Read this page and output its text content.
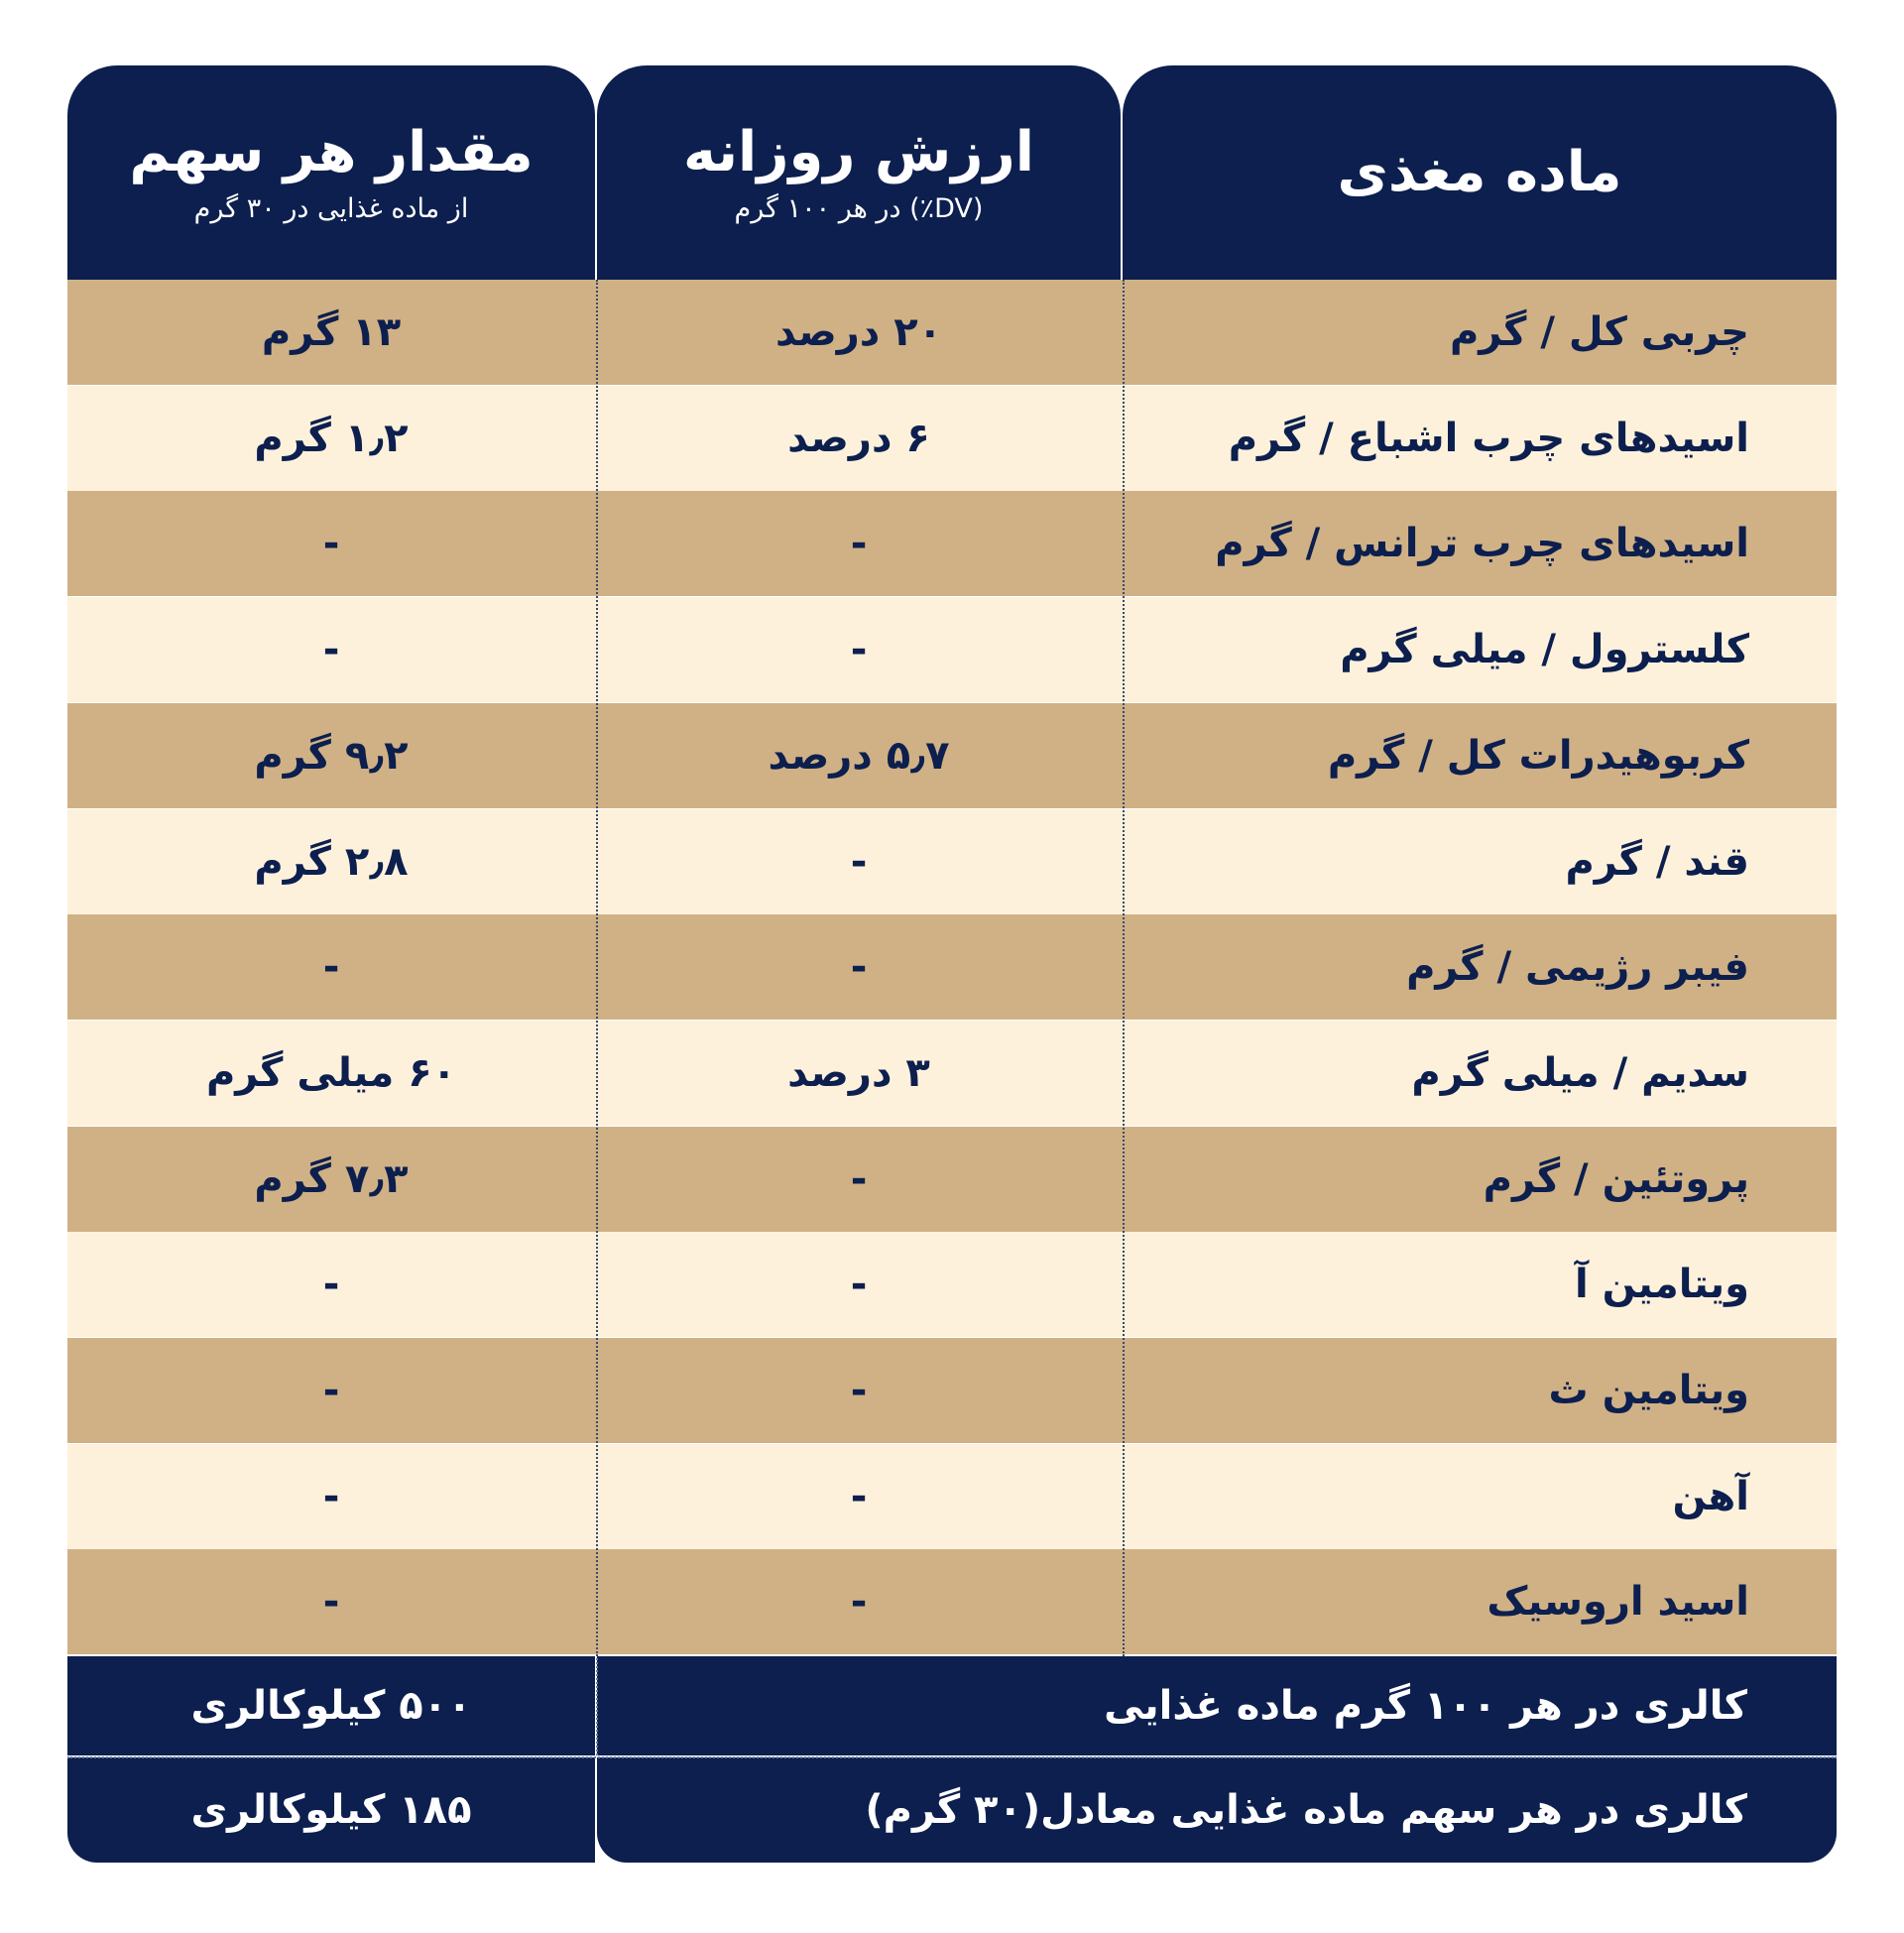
ماده مغذی
ارزش روزانه
(DV٪) در هر ۱۰۰ گرم
مقدار هر سهم
از ماده غذایی در ۳۰ گرم
چربی کل / گرم
۲۰ درصد
۱۳ گرم
اسیدهای چرب اشباع / گرم
۶ درصد
۱٫۲ گرم
اسیدهای چرب ترانس / گرم
-
-
کلسترول / میلی گرم
-
-
کربوهیدرات کل / گرم
۵٫۷ درصد
۹٫۲ گرم
قند / گرم
-
۲٫۸ گرم
فیبر رژیمی / گرم
-
-
سدیم / میلی گرم
۳ درصد
۶۰ میلی گرم
پروتئین / گرم
-
۷٫۳ گرم
ویتامین آ
-
-
ویتامین ث
-
-
آهن
-
-
اسید اروسیک
-
-
۵۰۰ کیلوکالری	کالری در هر ۱۰۰ گرم ماده غذایی
۱۸۵ کیلوکالری	کالری در هر سهم ماده غذایی معادل(۳۰ گرم)
